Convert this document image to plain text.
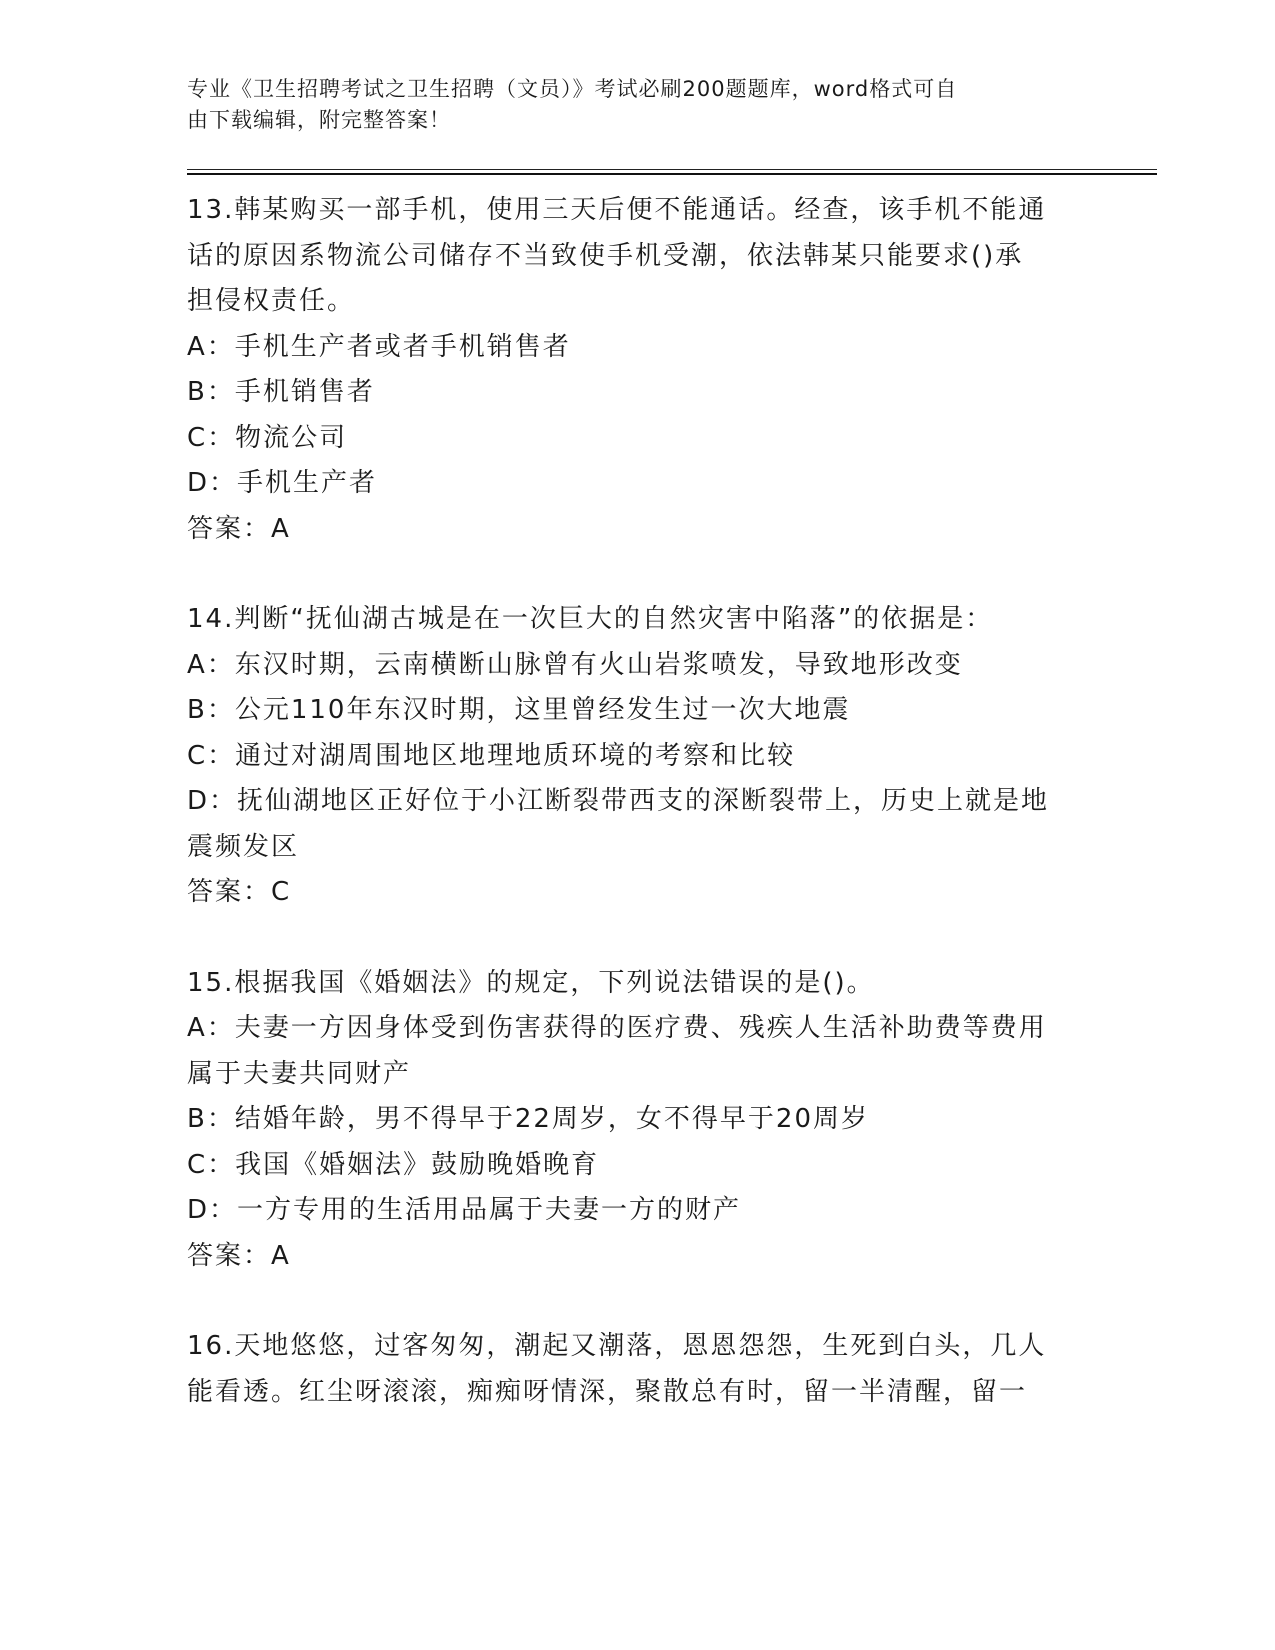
专业《卫生招聘考试之卫生招聘（文员）》考试必刷200题题库，word格式可自
由下载编辑，附完整答案！

13.韩某购买一部手机，使用三天后便不能通话。经查，该手机不能通

话的原因系物流公司储存不当致使手机受潮，依法韩某只能要求()承

担侵权责任。

A：手机生产者或者手机销售者

B：手机销售者

C：物流公司

D：手机生产者

答案：A

14.判断“抚仙湖古城是在一次巨大的自然灾害中陷落”的依据是：

A：东汉时期，云南横断山脉曾有火山岩浆喷发，导致地形改变

B：公元110年东汉时期，这里曾经发生过一次大地震

C：通过对湖周围地区地理地质环境的考察和比较

D：抚仙湖地区正好位于小江断裂带西支的深断裂带上，历史上就是地

震频发区

答案：C

15.根据我国《婚姻法》的规定，下列说法错误的是()。

A：夫妻一方因身体受到伤害获得的医疗费、残疾人生活补助费等费用

属于夫妻共同财产

B：结婚年龄，男不得早于22周岁，女不得早于20周岁

C：我国《婚姻法》鼓励晚婚晚育

D：一方专用的生活用品属于夫妻一方的财产

答案：A

16.天地悠悠，过客匆匆，潮起又潮落，恩恩怨怨，生死到白头，几人

能看透。红尘呀滚滚，痴痴呀情深，聚散总有时，留一半清醒，留一
